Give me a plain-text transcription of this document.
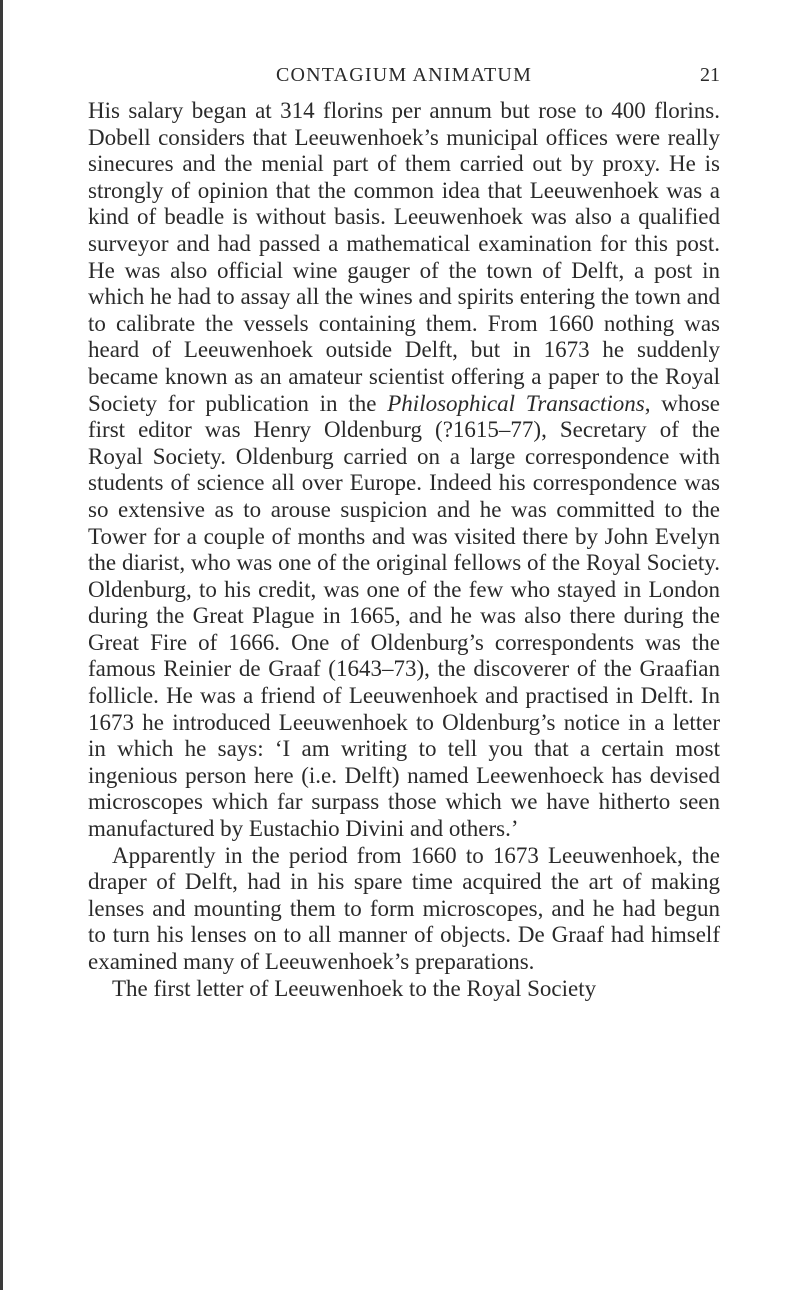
CONTAGIUM ANIMATUM	21

His salary began at 314 florins per annum but rose to 400 florins. Dobell considers that Leeuwenhoek’s municipal offices were really sinecures and the menial part of them carried out by proxy. He is strongly of opinion that the common idea that Leeuwenhoek was a kind of beadle is without basis. Leeuwenhoek was also a qualified surveyor and had passed a mathematical examination for this post. He was also official wine gauger of the town of Delft, a post in which he had to assay all the wines and spirits entering the town and to calibrate the vessels containing them. From 1660 nothing was heard of Leeuwenhoek outside Delft, but in 1673 he suddenly became known as an amateur scientist offering a paper to the Royal Society for publication in the Philosophical Transactions, whose first editor was Henry Oldenburg (?1615–77), Secretary of the Royal Society. Oldenburg carried on a large correspondence with students of science all over Europe. Indeed his correspondence was so extensive as to arouse suspicion and he was committed to the Tower for a couple of months and was visited there by John Evelyn the diarist, who was one of the original fellows of the Royal Society. Oldenburg, to his credit, was one of the few who stayed in London during the Great Plague in 1665, and he was also there during the Great Fire of 1666. One of Oldenburg’s correspondents was the famous Reinier de Graaf (1643–73), the discoverer of the Graafian follicle. He was a friend of Leeuwenhoek and practised in Delft. In 1673 he introduced Leeuwenhoek to Oldenburg’s notice in a letter in which he says: ‘I am writing to tell you that a certain most ingenious person here (i.e. Delft) named Leewenhoeck has devised microscopes which far surpass those which we have hitherto seen manufactured by Eustachio Divini and others.’

Apparently in the period from 1660 to 1673 Leeuwenhoek, the draper of Delft, had in his spare time acquired the art of making lenses and mounting them to form microscopes, and he had begun to turn his lenses on to all manner of objects. De Graaf had himself examined many of Leeuwenhoek’s preparations.

The first letter of Leeuwenhoek to the Royal Society
